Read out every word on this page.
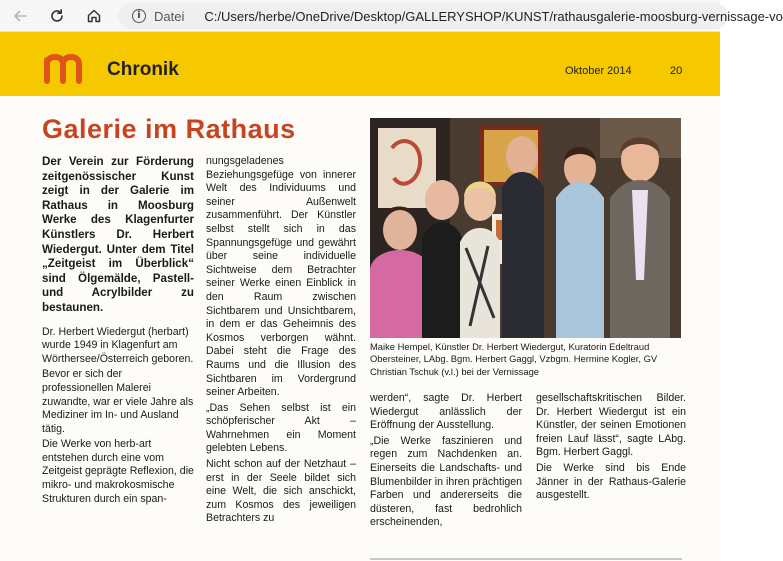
i	Datei C:/Users/herbe/OneDrive/Desktop/GALLERYSHOP/KUNST/rathausgalerie-moosburg-vernissage-vo
Chronik	Oktober 2014	20
Galerie im Rathaus

Der Verein zur Förderung zeitgenössischer Kunst zeigt in der Galerie im Rathaus in Moosburg Werke des Klagenfurter Künstlers Dr. Herbert Wiedergut. Unter dem Titel „Zeitgeist im Überblick“ sind Ölgemälde, Pastell- und Acrylbilder zu bestaunen.

Dr. Herbert Wiedergut (herbart) wurde 1949 in Klagenfurt am Wörthersee/Österreich geboren.

Bevor er sich der professionellen Malerei zuwandte, war er viele Jahre als Mediziner im In- und Ausland tätig.

Die Werke von herb-art entstehen durch eine vom Zeitgeist geprägte Reflexion, die mikro- und makrokosmische Strukturen durch ein span-

nungsgeladenes Beziehungsgefüge von innerer Welt des Individuums und seiner Außenwelt zusammenführt. Der Künstler selbst stellt sich in das Spannungsgefüge und gewährt über seine individuelle Sichtweise dem Betrachter seiner Werke einen Einblick in den Raum zwischen Sichtbarem und Unsichtbarem, in dem er das Geheimnis des Kosmos verborgen wähnt. Dabei steht die Frage des Raums und die Illusion des Sichtbaren im Vordergrund seiner Arbeiten.

„Das Sehen selbst ist ein schöpferischer Akt – Wahrnehmen ein Moment gelebten Lebens.

Nicht schon auf der Netzhaut – erst in der Seele bildet sich eine Welt, die sich anschickt, zum Kosmos des jeweiligen Betrachters zu

Maike Hempel, Künstler Dr. Herbert Wiedergut, Kuratorin Edeltraud Obersteiner, LAbg. Bgm. Herbert Gaggl, Vzbgm. Hermine Kogler, GV Christian Tschuk (v.l.) bei der Vernissage

werden“, sagte Dr. Herbert Wiedergut anlässlich der Eröffnung der Ausstellung.

„Die Werke faszinieren und regen zum Nachdenken an. Einerseits die Landschafts- und Blumenbilder in ihren prächtigen Farben und andererseits die düsteren, fast bedrohlich erscheinenden,

gesellschaftskritischen Bilder. Dr. Herbert Wiedergut ist ein Künstler, der seinen Emotionen freien Lauf lässt“, sagte LAbg. Bgm. Herbert Gaggl.

Die Werke sind bis Ende Jänner in der Rathaus-Galerie ausgestellt.
